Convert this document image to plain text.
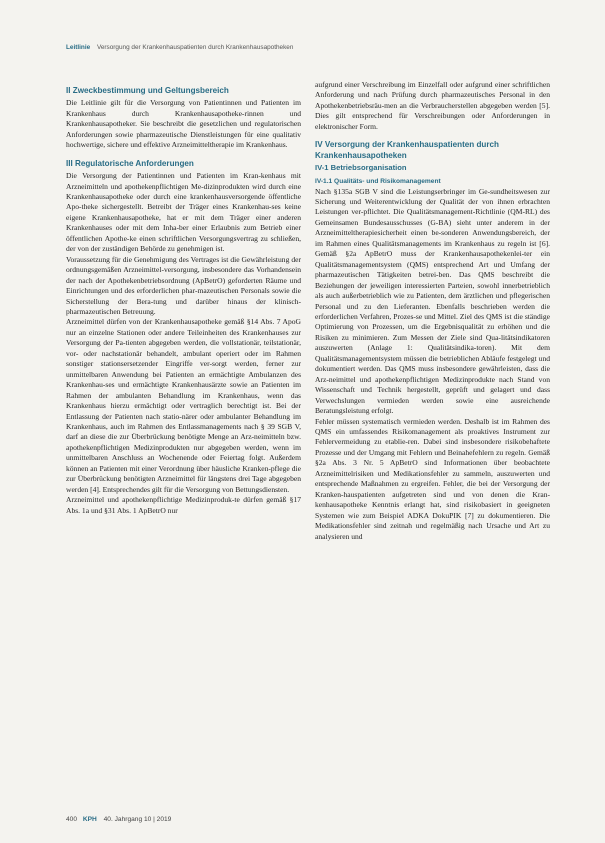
Leitlinie Versorgung der Krankenhauspatienten durch Krankenhausapotheken
II Zweckbestimmung und Geltungsbereich

Die Leitlinie gilt für die Versorgung von Patientinnen und Patienten im Krankenhaus durch Krankenhausapotheke-rinnen und Krankenhausapotheker. Sie beschreibt die gesetzlichen und regulatorischen Anforderungen sowie pharmazeutische Dienstleistungen für eine qualitativ hochwertige, sichere und effektive Arzneimitteltherapie im Krankenhaus.

III Regulatorische Anforderungen

Die Versorgung der Patientinnen und Patienten im Kran-kenhaus mit Arzneimitteln und apothekenpflichtigen Me-dizinprodukten wird durch eine Krankenhausapotheke oder durch eine krankenhausversorgende öffentliche Apo-theke sichergestellt. Betreibt der Träger eines Krankenhau-ses keine eigene Krankenhausapotheke, hat er mit dem Träger einer anderen Krankenhauses oder mit dem Inha-ber einer Erlaubnis zum Betrieb einer öffentlichen Apothe-ke einen schriftlichen Versorgungsvertrag zu schließen, der von der zuständigen Behörde zu genehmigen ist.

Voraussetzung für die Genehmigung des Vertrages ist die Gewährleistung der ordnungsgemäßen Arzneimittel-versorgung, insbesondere das Vorhandensein der nach der Apothekenbetriebsordnung (ApBetrO) geforderten Räume und Einrichtungen und des erforderlichen phar-mazeutischen Personals sowie die Sicherstellung der Bera-tung und darüber hinaus der klinisch-pharmazeutischen Betreuung.

Arzneimittel dürfen von der Krankenhausapotheke gemäß §14 Abs. 7 ApoG nur an einzelne Stationen oder andere Teileinheiten des Krankenhauses zur Versorgung der Pa-tienten abgegeben werden, die vollstationär, teilstationär, vor- oder nachstationär behandelt, ambulant operiert oder im Rahmen sonstiger stationsersetzender Eingriffe ver-sorgt werden, ferner zur unmittelbaren Anwendung bei Patienten an ermächtigte Ambulanzen des Krankenhau-ses und ermächtigte Krankenhausärzte sowie an Patienten im Rahmen der ambulanten Behandlung im Krankenhaus, wenn das Krankenhaus hierzu ermächtigt oder vertraglich berechtigt ist. Bei der Entlassung der Patienten nach statio-närer oder ambulanter Behandlung im Krankenhaus, auch im Rahmen des Entlassmanagements nach § 39 SGB V, darf an diese die zur Überbrückung benötigte Menge an Arz-neimitteln bzw. apothekenpflichtigen Medizinprodukten nur abgegeben werden, wenn im unmittelbaren Anschluss an Wochenende oder Feiertag folgt. Außerdem können an Patienten mit einer Verordnung über häusliche Kranken-pflege die zur Überbrückung benötigten Arzneimittel für längstens drei Tage abgegeben werden [4]. Entsprechendes gilt für die Versorgung von Bettungsdiensten.

Arzneimittel und apothekenpflichtige Medizinproduk-te dürfen gemäß §17 Abs. 1a und §31 Abs. 1 ApBetrO nur

aufgrund einer Verschreibung im Einzelfall oder aufgrund einer schriftlichen Anforderung und nach Prüfung durch pharmazeutisches Personal in den Apothekenbetriebsräu-men an die Verbraucherstellen abgegeben werden [5]. Dies gilt entsprechend für Verschreibungen oder Anforderungen in elektronischer Form.

IV Versorgung der Krankenhauspatienten durch Krankenhausapotheken
IV-1 Betriebsorganisation
IV-1.1 Qualitäts- und Risikomanagement

Nach §135a SGB V sind die Leistungserbringer im Ge-sundheitswesen zur Sicherung und Weiterentwicklung der Qualität der von ihnen erbrachten Leistungen ver-pflichtet. Die Qualitätsmanagement-Richtlinie (QM-RL) des Gemeinsamen Bundesausschusses (G-BA) sieht unter anderem in der Arzneimitteltherapiesicherheit einen be-sonderen Anwendungsbereich, der im Rahmen eines Qualitätsmanagements im Krankenhaus zu regeln ist [6]. Gemäß §2a ApBetrO muss der Krankenhausapothekenlei-ter ein Qualitätsmanagementsystem (QMS) entsprechend Art und Umfang der pharmazeutischen Tätigkeiten betrei-ben. Das QMS beschreibt die Beziehungen der jeweiligen interessierten Parteien, sowohl innerbetrieblich als auch außerbetrieblich wie zu Patienten, dem ärztlichen und pflegerischen Personal und zu den Lieferanten. Ebenfalls beschrieben werden die erforderlichen Verfahren, Prozes-se und Mittel. Ziel des QMS ist die ständige Optimierung von Prozessen, um die Ergebnisqualität zu erhöhen und die Risiken zu minimieren. Zum Messen der Ziele sind Qua-litätsindikatoren auszuwerten (Anlage 1: Qualitätsindika-toren). Mit dem Qualitätsmanagementsystem müssen die betrieblichen Abläufe festgelegt und dokumentiert werden. Das QMS muss insbesondere gewährleisten, dass die Arz-neimittel und apothekenpflichtigen Medizinprodukte nach Stand von Wissenschaft und Technik hergestellt, geprüft und gelagert und dass Verwechslungen vermieden werden sowie eine ausreichende Beratungsleistung erfolgt.

Fehler müssen systematisch vermieden werden. Deshalb ist im Rahmen des QMS ein umfassendes Risikomanagement als proaktives Instrument zur Fehlervermeidung zu etablie-ren. Dabei sind insbesondere risikobehaftete Prozesse und der Umgang mit Fehlern und Beinahefehlern zu regeln. Gemäß §2a Abs. 3 Nr. 5 ApBetrO sind Informationen über beobachtete Arzneimittelrisiken und Medikationsfehler zu sammeln, auszuwerten und entsprechende Maßnahmen zu ergreifen. Fehler, die bei der Versorgung der Kranken-hauspatienten aufgetreten sind und von denen die Kran-kenhausapotheke Kenntnis erlangt hat, sind risikobasiert in geeigneten Systemen wie zum Beispiel ADKA DokuPIK [7] zu dokumentieren. Die Medikationsfehler sind zeitnah und regelmäßig nach Ursache und Art zu analysieren und

400 KPH 40. Jahrgang 10 | 2019
